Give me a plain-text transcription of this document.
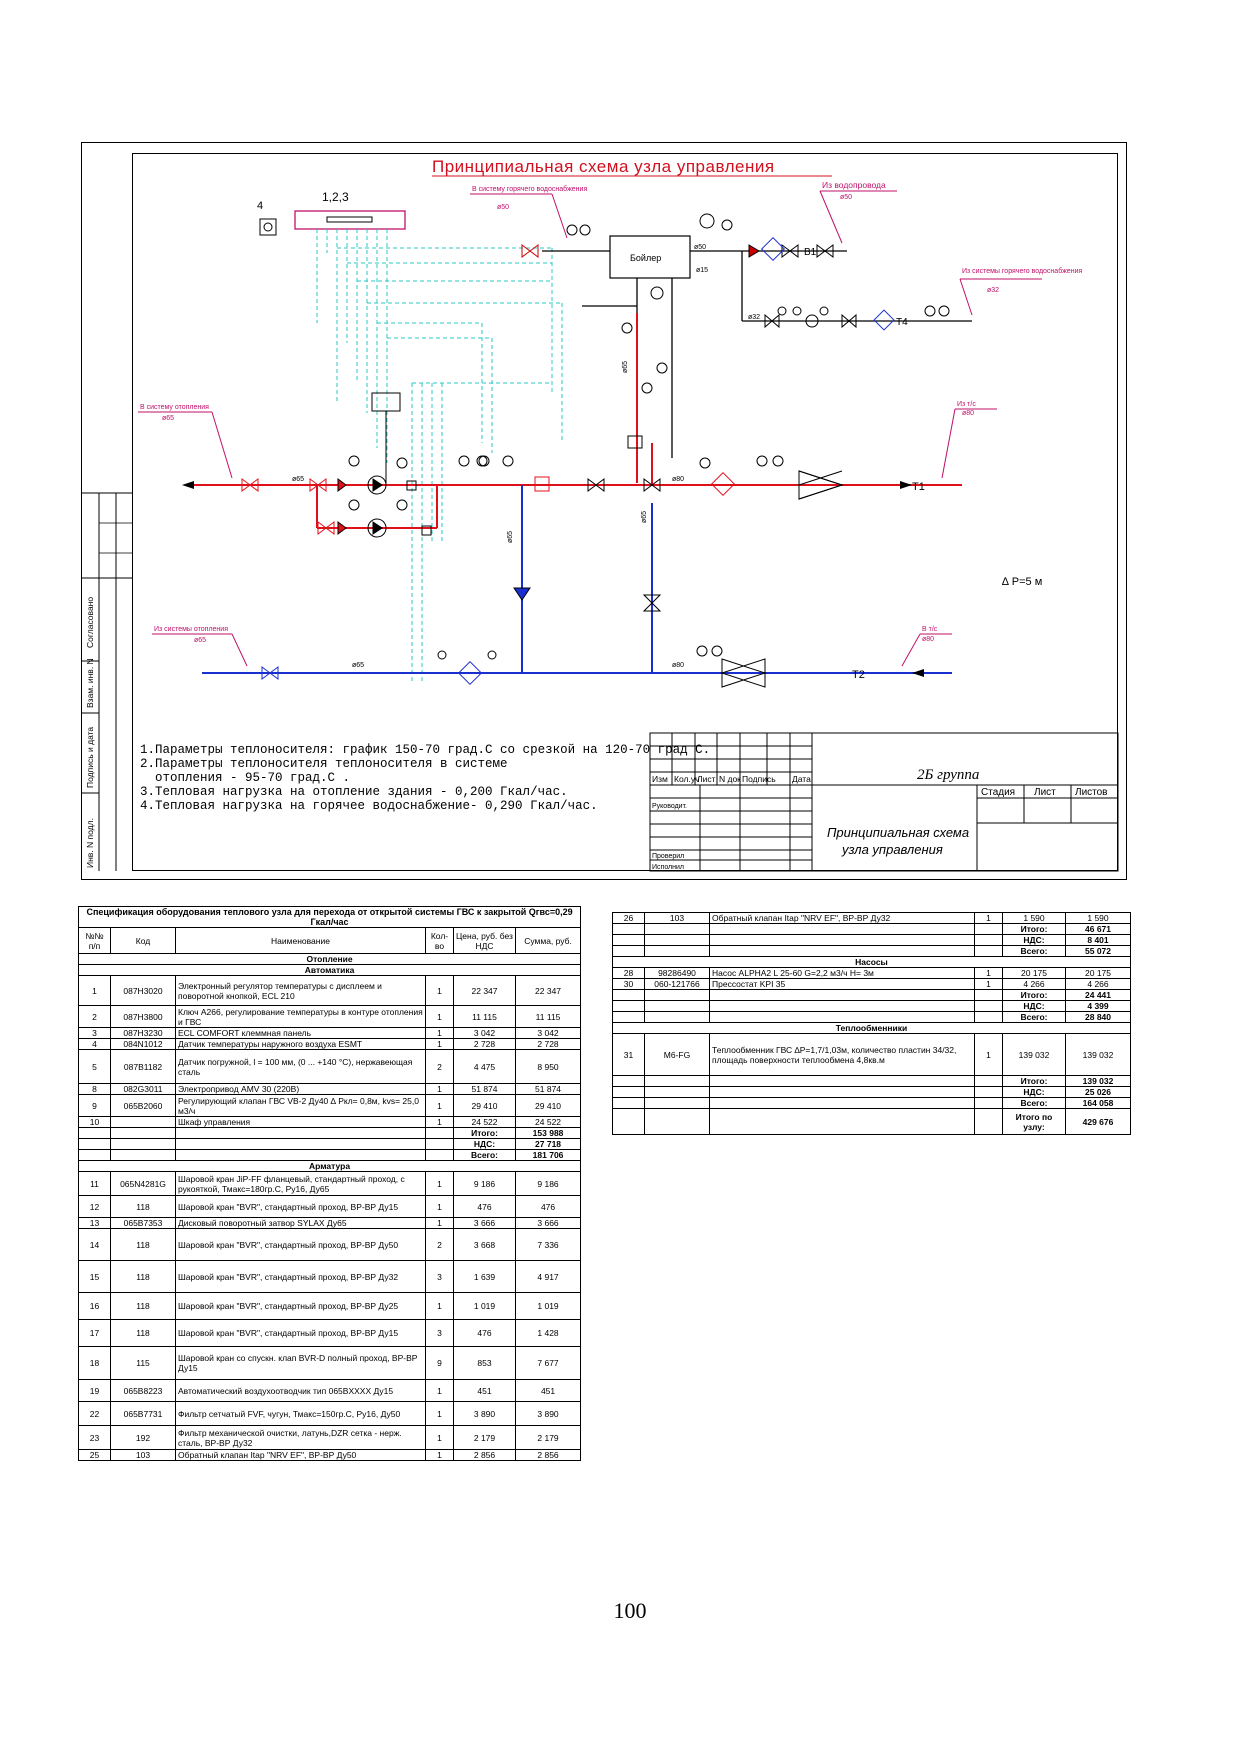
Согласовано
Взам. инв. N
Подпись и дата
Инв. N подл.
Принципиальная схема узла управления
1,2,3
4
Бойлер	B1
T4
ø50
ø15
ø32
В систему горячего водоснабжения
ø50
Из водопровода
ø50
Из системы горячего водоснабжения
ø32
ø65	ø80
ø65
T1
ø65
ø65
ø65	ø80
T2
В систему отопления
ø65
Из т/с
ø80
Из системы отопления
ø65
В т/с
ø80
∆ P=5 м
1.Параметры теплоносителя: график 150-70 град.С со срезкой на 120-70 град С.
2.Параметры теплоносителя теплоносителя в системе
отопления - 95-70 град.С .
3.Тепловая нагрузка на отопление здания - 0,200 Гкал/час.
4.Тепловая нагрузка на горячее водоснабжение- 0,290 Гкал/час.
Изм Кол.уч
Лист N док Подпись Дата	2Б группа
Руководит.
Проверил
Исполнил
Стадия Лист Листов
Принципиальная схема
узла управления
Спецификация оборудования теплового узла для перехода от открытой системы ГВС к закрытой Qгвс=0,29 Гкал/час					
№№ п/п	Код	Наименование	Кол-во	Цена, руб. без НДС	Сумма, руб.
Отопление					
Автоматика					
1	087H3020	Электронный регулятор температуры с дисплеем и поворотной кнопкой, ECL 210	1	22 347	22 347
2	087H3800	Ключ A266, регулирование температуры в контуре отопления и ГВС	1	11 115	11 115
3	087H3230	ECL COMFORT клеммная панель	1	3 042	3 042
4	084N1012	Датчик температуры наружного воздуха ESMT	1	2 728	2 728
5	087B1182	Датчик погружной, l = 100 мм, (0 ... +140 °С), нержавеющая сталь	2	4 475	8 950
8	082G3011	Электропривод AMV 30 (220В)	1	51 874	51 874
9	065B2060	Регулирующий клапан ГВС VB-2 Ду40 ∆ Ркл= 0,8м, kvs= 25,0 м3/ч	1	29 410	29 410
10		Шкаф управления	1	24 522	24 522
				Итого:	153 988
				НДС:	27 718
				Всего:	181 706
Арматура					
11	065N4281G	Шаровой кран JiP-FF фланцевый, стандартный проход, с рукояткой, Тмакс=180гр.С, Ру16, Ду65	1	9 186	9 186
12	118	Шаровой кран "BVR", стандартный проход, ВР-ВР Ду15	1	476	476
13	065B7353	Дисковый поворотный затвор SYLAX Ду65	1	3 666	3 666
14	118	Шаровой кран "BVR", стандартный проход, ВР-ВР Ду50	2	3 668	7 336
15	118	Шаровой кран "BVR", стандартный проход, ВР-ВР Ду32	3	1 639	4 917
16	118	Шаровой кран "BVR", стандартный проход, ВР-ВР Ду25	1	1 019	1 019
17	118	Шаровой кран "BVR", стандартный проход, ВР-ВР Ду15	3	476	1 428
18	115	Шаровой кран со спускн. клап BVR-D полный проход, ВР-ВР Ду15	9	853	7 677
19	065B8223	Автоматический воздухоотводчик тип 065BXXXX Ду15	1	451	451
22	065B7731	Фильтр сетчатый FVF, чугун, Тмакс=150гр.С, Ру16, Ду50	1	3 890	3 890
23	192	Фильтр механической очистки, латунь,DZR сетка - нерж. сталь, ВР-ВР Ду32	1	2 179	2 179
25	103	Обратный клапан Itap "NRV EF", ВР-ВР Ду50	1	2 856	2 856
26	103	Обратный клапан Itap "NRV EF", ВР-ВР Ду32	1	1 590	1 590
				Итого:	46 671
				НДС:	8 401
				Всего:	55 072
Насосы					
28	98286490	Насос ALPHA2 L 25-60 G=2,2 м3/ч H= 3м	1	20 175	20 175
30	060-121766	Прессостат KPI 35	1	4 266	4 266
				Итого:	24 441
				НДС:	4 399
				Всего:	28 840
Теплообменники					
31	M6-FG	Теплообменник ГВС ∆Р=1,7/1,03м, количество пластин 34/32, площадь поверхности теплообмена 4,8кв.м	1	139 032	139 032
				Итого:	139 032
				НДС:	25 026
				Всего:	164 058
				Итого по узлу:	429 676
100
